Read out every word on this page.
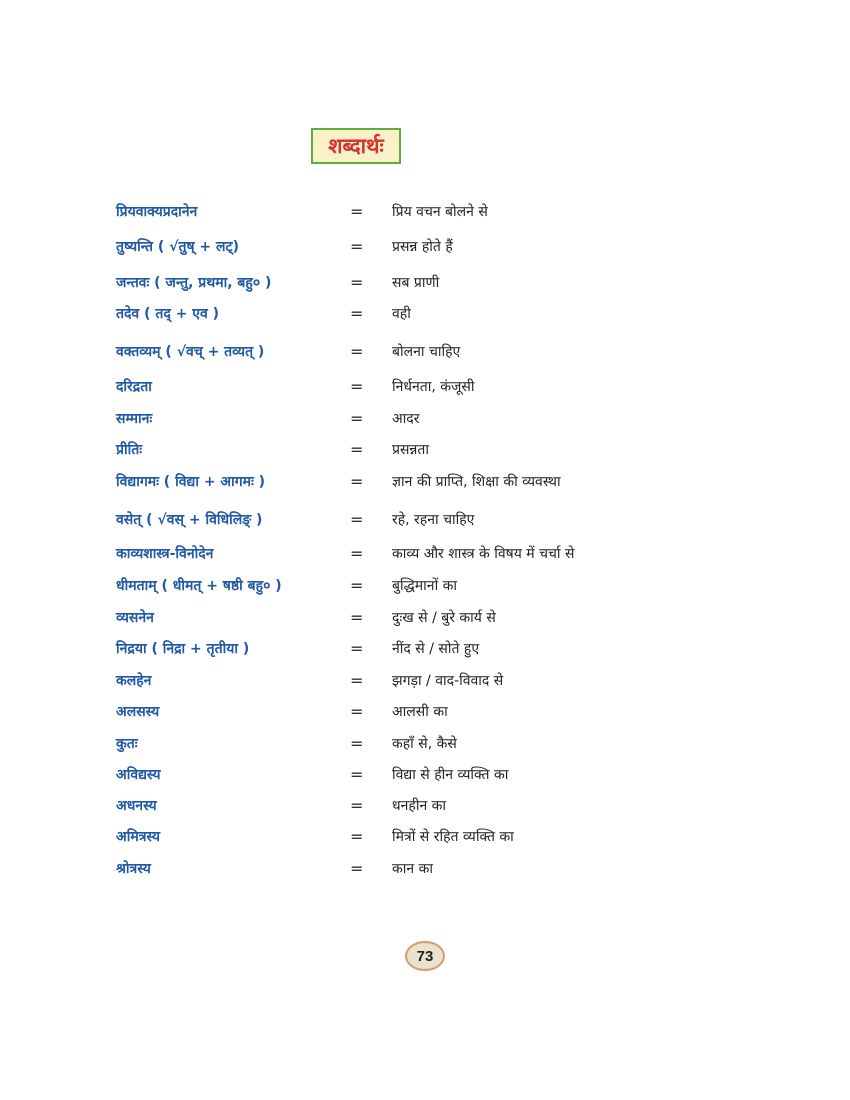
शब्दार्थः
प्रियवाक्यप्रदानेन	= प्रिय वचन बोलने से
तुष्यन्ति ( √तुष् + लट्)	= प्रसन्न होते हैं
जन्तवः ( जन्तु, प्रथमा, बहु० )	= सब प्राणी
तदेव ( तद् + एव )	= वही
वक्तव्यम् ( √वच् + तव्यत् )	= बोलना चाहिए
दरिद्रता	= निर्धनता, कंजूसी
सम्मानः	= आदर
प्रीतिः	= प्रसन्नता
विद्यागमः ( विद्या + आगमः )	= ज्ञान की प्राप्ति, शिक्षा की व्यवस्था
वसेत् ( √वस् + विधिलिङ् )	= रहे, रहना चाहिए
काव्यशास्त्र-विनोदेन	= काव्य और शास्त्र के विषय में चर्चा से
धीमताम् ( धीमत् + षष्ठी बहु० )	= बुद्धिमानों का
व्यसनेन	= दुःख से / बुरे कार्य से
निद्रया ( निद्रा + तृतीया )	= नींद से / सोते हुए
कलहेन	= झगड़ा / वाद-विवाद से
अलसस्य	= आलसी का
कुतः	= कहाँ से, कैसे
अविद्यस्य	= विद्या से हीन व्यक्ति का
अधनस्य	= धनहीन का
अमित्रस्य	= मित्रों से रहित व्यक्ति का
श्रोत्रस्य	= कान का
73
